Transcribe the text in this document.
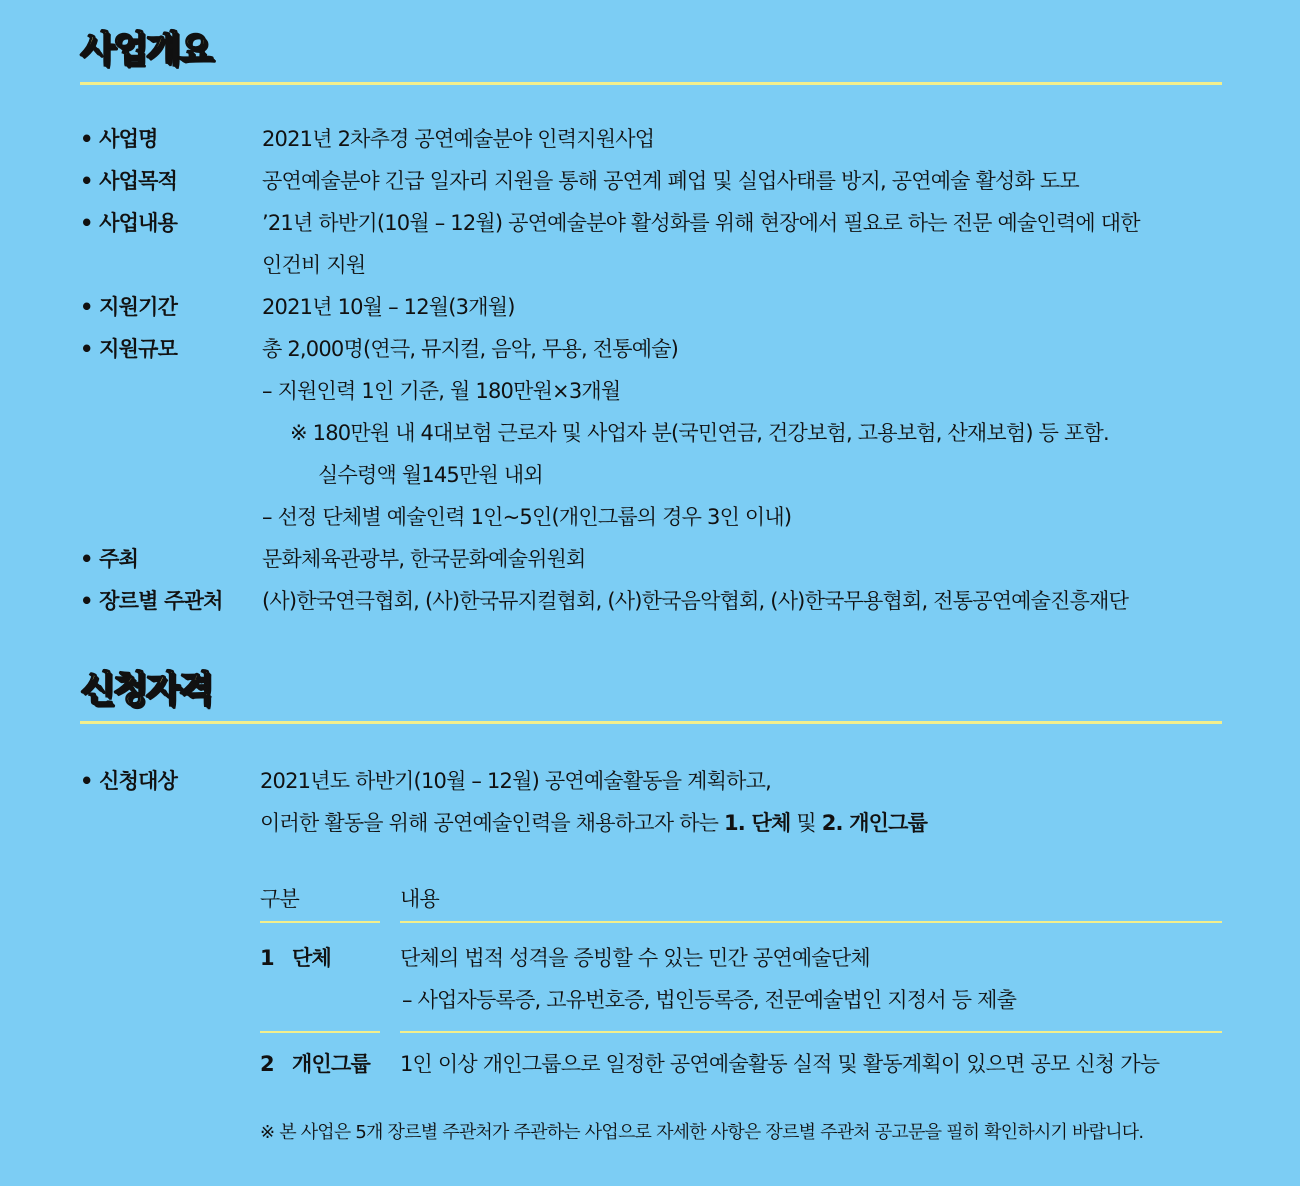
사업개요
• 사업명	2021년 2차추경 공연예술분야 인력지원사업
• 사업목적	공연예술분야 긴급 일자리 지원을 통해 공연계 폐업 및 실업사태를 방지, 공연예술 활성화 도모
• 사업내용	’21년 하반기(10월 – 12월) 공연예술분야 활성화를 위해 현장에서 필요로 하는 전문 예술인력에 대한
인건비 지원
• 지원기간	2021년 10월 – 12월(3개월)
• 지원규모	총 2,000명(연극, 뮤지컬, 음악, 무용, 전통예술)
– 지원인력 1인 기준, 월 180만원×3개월
※ 180만원 내 4대보험 근로자 및 사업자 분(국민연금, 건강보험, 고용보험, 산재보험) 등 포함.
실수령액 월145만원 내외
– 선정 단체별 예술인력 1인~5인(개인그룹의 경우 3인 이내)
• 주최	문화체육관광부, 한국문화예술위원회
• 장르별 주관처	(사)한국연극협회, (사)한국뮤지컬협회, (사)한국음악협회, (사)한국무용협회, 전통공연예술진흥재단
신청자격
• 신청대상	2021년도 하반기(10월 – 12월) 공연예술활동을 계획하고,
이러한 활동을 위해 공연예술인력을 채용하고자 하는 1. 단체 및 2. 개인그룹
구분	내용
1 단체	단체의 법적 성격을 증빙할 수 있는 민간 공연예술단체
– 사업자등록증, 고유번호증, 법인등록증, 전문예술법인 지정서 등 제출
2 개인그룹	1인 이상 개인그룹으로 일정한 공연예술활동 실적 및 활동계획이 있으면 공모 신청 가능
※ 본 사업은 5개 장르별 주관처가 주관하는 사업으로 자세한 사항은 장르별 주관처 공고문을 필히 확인하시기 바랍니다.
